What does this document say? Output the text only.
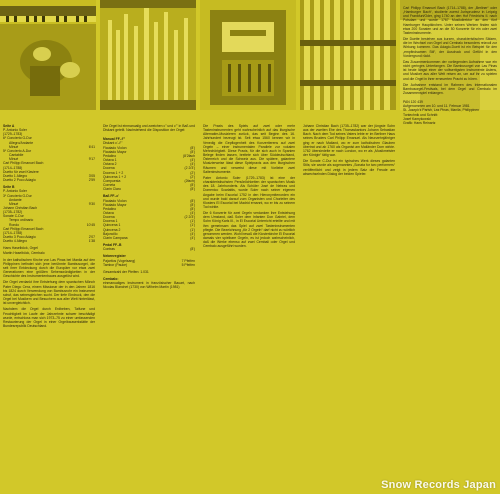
Seite A
P. Antonio Soler
(1729–1783)
6º Concierto G-Dur
Allegro/Andante
Minué	6'41
5º Concierto A-Dur
Cantabile
Minué	9'17
Carl Philipp Emanuel Bach
(1714–1788)
Duetto für zwei Klaviere
Duetto 1 Allegro	3'05
Duetto 2 Poco Adagio	2'59
Seite B
P. Antonio Soler
3º Concierto G-Dur
Andante
Minué	9'30
Johann Christian Bach
(1735–1782)
Sonate C-Dur
Tempo ordinario
Rondo	10'45
Carl Philipp Emanuel Bach
(1714–1788)
Duetto 3 Poco Adagio	2'07
Duetto 4 Allegro	1'38
Hans Haselböck, Orgel
Martin Haselböck, Cembalo

In der katholischen Kirche von Las Pinas bei Manila auf den Philippinen befindet sich jene berühmte Bambusorgel, die seit ihrer Entdeckung durch die Europäer vor etwa zwei Generationen eine größten Sehenswürdigkeiten in der Geschichte des Instrumentenbaues ausgelöst wird.

Die Orgel verdankt ihre Entstehung dem spanischen Mönch Pater Diego Cera, einem Missionar der in den Jahren 1816 bis 1824 durch Verwendung von Bambusrohr ein Instrument schuf, das seinesgleichen sucht. Der tiefe Eindruck, den die Orgel bei Musikern und Besuchern aus aller Welt hinterlässt, ist unvergleichlich.

Nachdem die Orgel durch Erdbeben, Taifune und Feuchtigkeit im Laufe der Jahrzehnte schwer beschädigt wurde, entschloss man sich 1973–75 zu einer umfassenden Restaurierung der Orgel in einer Orgelbauwerkstätte der Bundesrepublik Deutschland.

Die Orgel ist einmanualig und zweichen c'' und c''' in Baß und Diskant geteilt. Nachstehend die Disposition der Orgel:

Manual FF–f'''
Diskant c'–f'''
Flautado Violon	(8')
Flautado Mayor	(8')
Pedalino	(8'2fach
Octava 1	(4')
Octava 2	(4')
Docena	(2 2/3')
Docena 1 + 2	(2')
Quincena 1 + 2	(2')
Compuesta	(2fach)
Corneta	(8')
Clarin Claro	(8')
Baß FF–c'
Flautado Violon	(8')
Flautado Mayor	(8')
Pedalino	(8')
Octava	(4')
Docena	(2 2/3')
Docena 1	(1')
Quincena 1	(1')
Quincena 2	(1')
Bajoncillo	(4')
Clarin Campana	(4')
Pedal FF–B
Contras	(8')
Nebenregister
Pajaritos (Vogelsang)	7 Pfeifen
Tambor (Pauke)	5 Pfeifen
Gesamtzahl der Pfeifen: 1.031
Cembalo:

einmanualiges Instrument in französischer Bauart, nach Nicolas Blanchet (1730) von Wilhelm Martin (1981)

Die Praxis des Spiels auf zwei oder mehr Tasteninstrumenten geht wahrscheinlich auf das liturgische Alternatim-Musizieren zurück, das seit Beginn des 16. Jahrhundert bezeugt ist. Seit etwa 1560 kennen wir in Venedig die Gepflogenheit des Konzertierens auf zwei Orgeln – einer instrumentalen Parallele zur vokalen Mehrchörigkeit. Diese Praxis, für die sich auch in Spanien Belege finden lassen, breitete sich über Süddeutschland, Österreich und die Schweiz aus. Die spätere, galantere Musizierweise lässt diese Spielpraxis aus den liturgischen Räumen und verweist diese mit Vorliebe zwei Saiteninstrumente.

Pater Antonio Soler (1729–1783) ist eine der charakteristischsten Persönlichkeiten der spanischen Musik des 18. Jahrhunderts. Als Schüler José de Nebras und Domenico Scarlattis, wurde Soler nach seiner eigenen Angabe beim Escorial 1752 in den Hieronymitenorden ein und wurde bald darauf zum Organisten und Chorleiter des Klosters El Escorial bei Madrid ernannt, wo er bis zu seinem Tod wirkte.

Die 6 Konzerte für zwei Orgeln verdanken ihre Entstehung dem Umstand, daß Soler dem Infanten Don Gabriel, dem Sohn König Karls III., in El Escorial Unterricht erteilte und mit ihm gemeinsam das Spiel auf zwei Tasteninstrumenten pflegte. Die Bezeichnung „für 2 Orgeln“ darf nicht zu wörtlich genommen werden. Wohl besaß die Klosterkirche El Escorial damals vier spielbare Orgeln, es ist jedoch wahrscheinlich, daß die Werke ebenso auf zwei Cembali oder Orgel und Cembalo ausgeführt wurden.

Johann Christian Bach (1735–1782) war der jüngste Sohn aus der zweiten Ehe des Thomaskantors Johann Sebastian Bach. Nach dem Tod seines Vaters lebte er im Berliner Haus seines Bruders Carl Philipp Emanuel. Als Neunzehnjähriger ging er nach Mailand, wo er zum katholischen Glauben übertrat und ab 1760 als Organist am Mailänder Dom wirkte. 1762 übersiedelte er nach London, wo er als „Musikmeister der Königin“ tätig war.

Die Sonate C-Dur ist ein typisches Werk dieses galanten Stils; sie wurde als sogenanntes „Sonata for two performers“ veröffentlicht und zeigt in jedem Satz die Freude am abwechselnden Dialog der beiden Spieler.

Carl Philipp Emanuel Bach (1714–1788), der „Berliner“ oder „Hamburger Bach“, studierte zuerst Jurisprudenz in Leipzig und Frankfurt/Oder, ging 1740 an den Hof Friedrichs II. nach Potsdam und wurde 1767 Musikdirektor an den fünf Hamburger Hauptkirchen. Unter seinen Werken finden sich etwa 200 Sonaten und an die 50 Konzerte für ein oder zwei Tasteninstrumente.

Die Duette bestehen aus kurzen, charakteristischen Sätzen, die im Wechsel von Orgel und Cembalo besonders reizvoll zur Wirkung kommen. Das Adagio-Duett ist ein Beispiel für den „empfindsamen Stil“, der Ausdruck und Gefühl in den Vordergrund rückt.

Das Zusammenkommen der vorliegenden Aufnahme war ein nicht geringes Unterfangen. Die Bambusorgel von Las Pinas ist heute längst einer der vollwertigsten Instrumente Asiens, und Musiker aus aller Welt reisen an, um auf ihr zu spielen und die Orgel in ihrer erneuerten Pracht zu hören.

Die Aufnahme entstand im Rahmen des Internationalen Bambusorgel-Festivals, bei dem Orgel und Cembalo im Zusammenspiel erklangen.

PAN 120 439
Aufgenommen am 10. und 11. Februar 1981
St. Joseph's Parish, Las Pinas, Manila, Philippinen
Tontechnik und Schnitt:
Josef Kamykowski
Grafik: Hans Reinartz
Snow Records Japan
